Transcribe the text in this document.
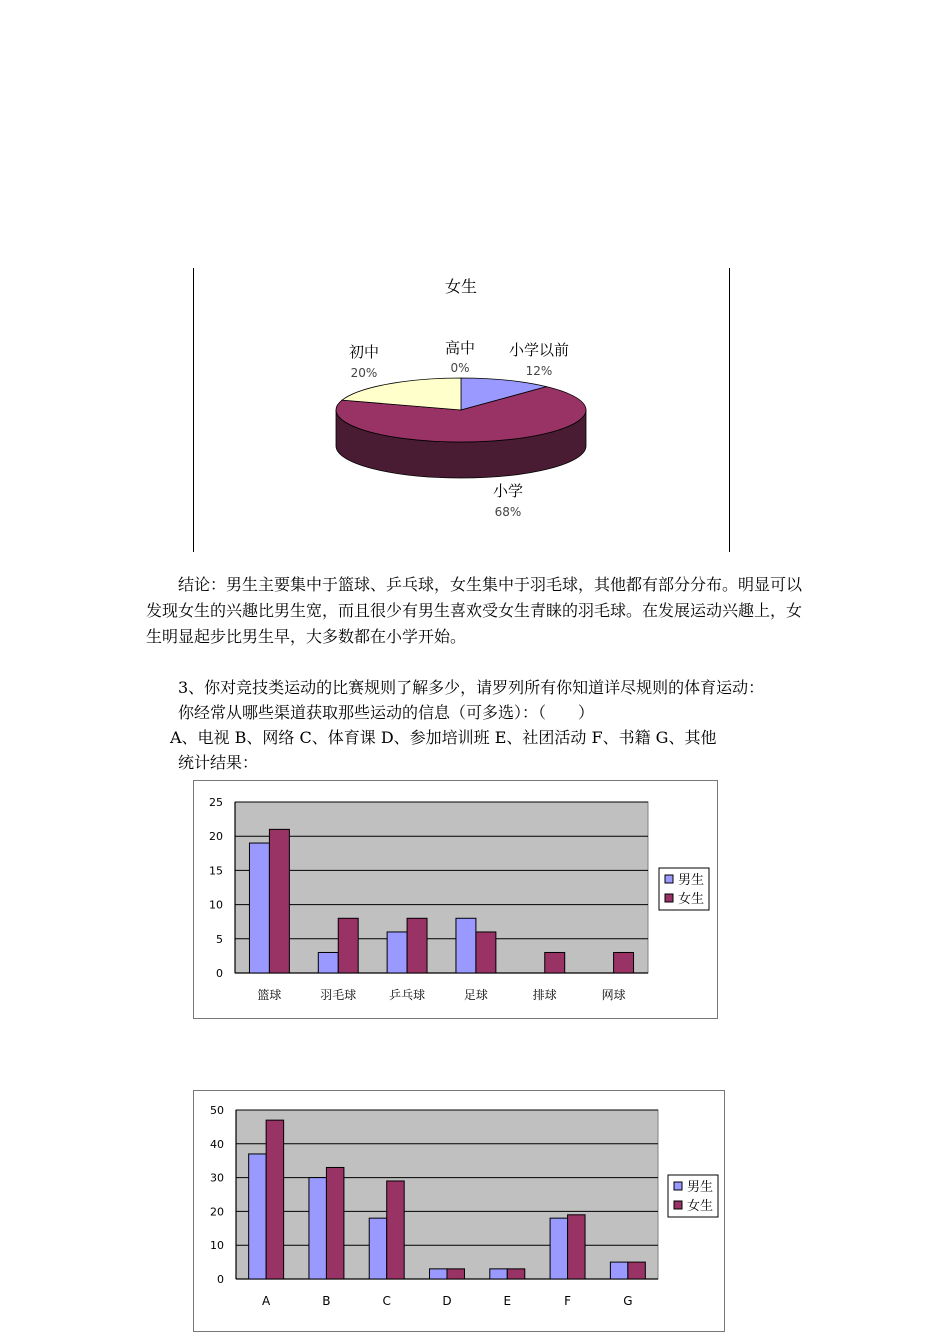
女生
小学以前
12%
小学
68%
初中
20%
高中
0%
结论：男生主要集中于篮球、乒乓球，女生集中于羽毛球，其他都有部分分布。明显可以发现女生的兴趣比男生宽，而且很少有男生喜欢受女生青睐的羽毛球。在发展运动兴趣上，女生明显起步比男生早，大多数都在小学开始。
3、你对竞技类运动的比赛规则了解多少，请罗列所有你知道详尽规则的体育运动：
你经常从哪些渠道获取那些运动的信息（可多选）：（　　）
A、电视 B、网络 C、体育课 D、参加培训班 E、社团活动 F、书籍 G、其他
统计结果：
0
5
10
15
20
25
篮球	羽毛球	乒乓球	足球	排球	网球
男生
女生
0
10
20
30
40
50
A	B	C	D	E	F	G
男生
女生
